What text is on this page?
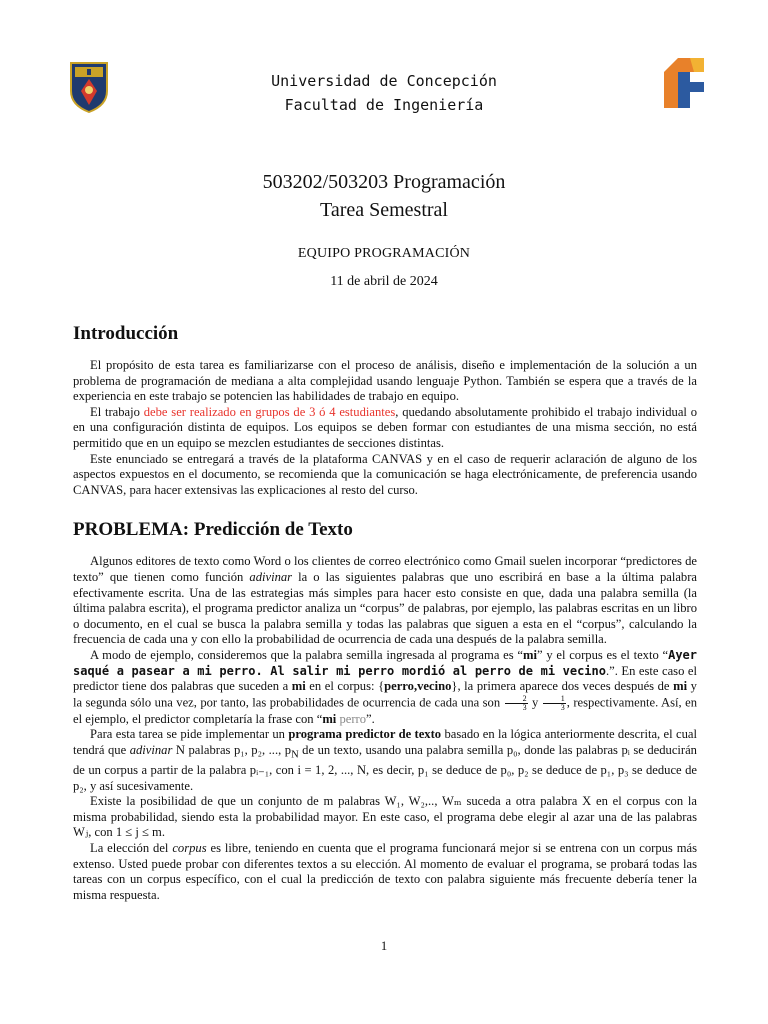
Universidad de Concepción
Facultad de Ingeniería
503202/503203 Programación
Tarea Semestral
EQUIPO PROGRAMACIÓN
11 de abril de 2024
Introducción

El propósito de esta tarea es familiarizarse con el proceso de análisis, diseño e implementación de la solución a un problema de programación de mediana a alta complejidad usando lenguaje Python. También se espera que a través de la experiencia en este trabajo se potencien las habilidades de trabajo en equipo.

El trabajo debe ser realizado en grupos de 3 ó 4 estudiantes, quedando absolutamente prohibido el trabajo individual o en una configuración distinta de equipos. Los equipos se deben formar con estudiantes de una misma sección, no está permitido que en un equipo se mezclen estudiantes de secciones distintas.

Este enunciado se entregará a través de la plataforma CANVAS y en el caso de requerir aclaración de alguno de los aspectos expuestos en el documento, se recomienda que la comunicación se haga electrónicamente, de preferencia usando CANVAS, para hacer extensivas las explicaciones al resto del curso.

PROBLEMA: Predicción de Texto

Algunos editores de texto como Word o los clientes de correo electrónico como Gmail suelen incorporar “predictores de texto” que tienen como función adivinar la o las siguientes palabras que uno escribirá en base a la última palabra efectivamente escrita. Una de las estrategias más simples para hacer esto consiste en que, dada una palabra semilla (la última palabra escrita), el programa predictor analiza un “corpus” de palabras, por ejemplo, las palabras escritas en un libro o documento, en el cual se busca la palabra semilla y todas las palabras que siguen a esta en el “corpus”, calculando la frecuencia de cada una y con ello la probabilidad de ocurrencia de cada una después de la palabra semilla.

A modo de ejemplo, consideremos que la palabra semilla ingresada al programa es “mi” y el corpus es el texto “Ayer saqué a pasear a mi perro. Al salir mi perro mordió al perro de mi vecino.”. En este caso el predictor tiene dos palabras que suceden a mi en el corpus: {perro,vecino}, la primera aparece dos veces después de mi y la segunda sólo una vez, por tanto, las probabilidades de ocurrencia de cada una son $\frac{2}{3}$ y $\frac{1}{3}$ , respectivamente. Así, en el ejemplo, el predictor completaría la frase con “mi perro”.

Para esta tarea se pide implementar un programa predictor de texto basado en la lógica anteriormente descrita, el cual tendrá que adivinar N palabras p₁, p₂, ..., $p_N$ de un texto, usando una palabra semilla p₀, donde las palabras pᵢ se deducirán de un corpus a partir de la palabra pᵢ₋₁, con i = 1, 2, ..., N, es decir, p₁ se deduce de p₀, p₂ se deduce de p₁, p₃ se deduce de p₂, y así sucesivamente.

Existe la posibilidad de que un conjunto de m palabras W₁, W₂,.., Wₘ suceda a otra palabra X en el corpus con la misma probabilidad, siendo esta la probabilidad mayor. En este caso, el programa debe elegir al azar una de las palabras Wⱼ, con 1 ≤ j ≤ m.

La elección del corpus es libre, teniendo en cuenta que el programa funcionará mejor si se entrena con un corpus más extenso. Usted puede probar con diferentes textos a su elección. Al momento de evaluar el programa, se probará todas las tareas con un corpus específico, con el cual la predicción de texto con palabra siguiente más frecuente debería tener la misma respuesta.

1
